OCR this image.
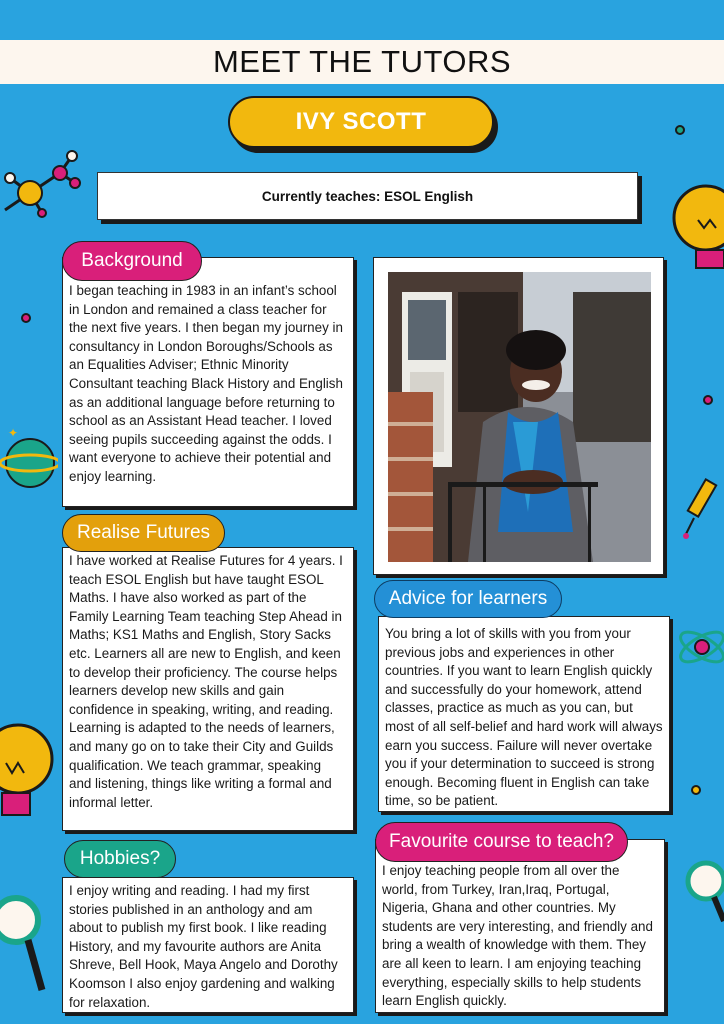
MEET THE TUTORS
IVY SCOTT
Currently teaches: ESOL English

I began teaching in 1983 in an infant’s school in London and remained a class teacher for the next five years. I then began my journey in consultancy in London Boroughs/Schools as an Equalities Adviser; Ethnic Minority Consultant teaching Black History and English as an additional language before returning to school as an Assistant Head teacher. I loved seeing pupils succeeding against the odds. I want everyone to achieve their potential and enjoy learning.

Background

I have worked at Realise Futures for 4 years. I teach ESOL English but have taught ESOL Maths. I have also worked as part of the Family Learning Team teaching Step Ahead in Maths; KS1 Maths and English, Story Sacks etc. Learners all are new to English, and keen to develop their proficiency. The course helps learners develop new skills and gain confidence in speaking, writing, and reading. Learning is adapted to the needs of learners, and many go on to take their City and Guilds qualification. We teach grammar, speaking and listening, things like writing a formal and informal letter.

Realise Futures

I enjoy writing and reading. I had my first stories published in an anthology and am about to publish my first book. I like reading History, and my favourite authors are Anita Shreve, Bell Hook, Maya Angelo and Dorothy Koomson I also enjoy gardening and walking for relaxation.

Hobbies?

You bring a lot of skills with you from your previous jobs and experiences in other countries. If you want to learn English quickly and successfully do your homework, attend classes, practice as much as you can, but most of all self-belief and hard work will always earn you success. Failure will never overtake you if your determination to succeed is strong enough. Becoming fluent in English can take time, so be patient.

Advice for learners

I enjoy teaching people from all over the world, from Turkey, Iran,Iraq, Portugal, Nigeria, Ghana and other countries. My students are very interesting, and friendly and bring a wealth of knowledge with them. They are all keen to learn. I am enjoying teaching everything, especially skills to help students learn English quickly.

Favourite course to teach?
✦
